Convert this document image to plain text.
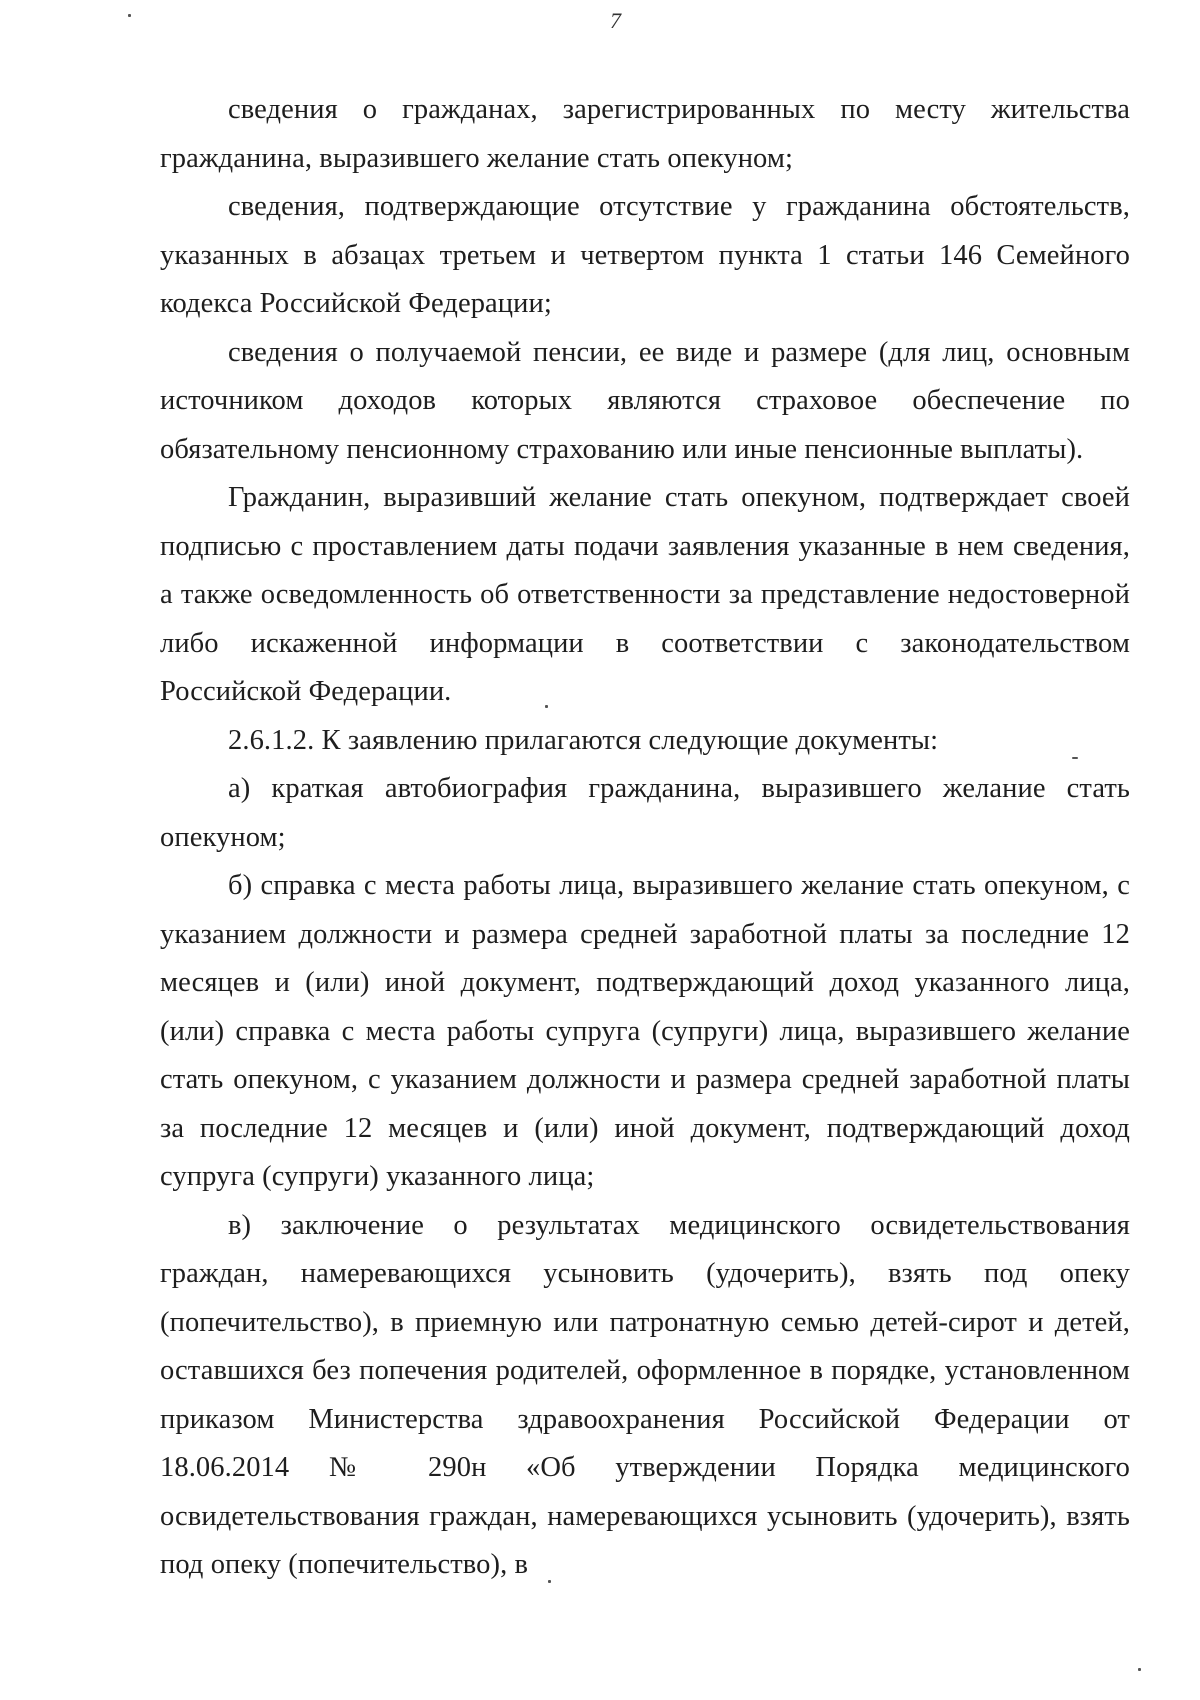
7

сведения о гражданах, зарегистрированных по месту жительства гражданина, выразившего желание стать опекуном;

сведения, подтверждающие отсутствие у гражданина обстоятельств, указанных в абзацах третьем и четвертом пункта 1 статьи 146 Семейного кодекса Российской Федерации;

сведения о получаемой пенсии, ее виде и размере (для лиц, основным источником доходов которых являются страховое обеспечение по обязательному пенсионному страхованию или иные пенсионные выплаты).

Гражданин, выразивший желание стать опекуном, подтверждает своей подписью с проставлением даты подачи заявления указанные в нем сведения, а также осведомленность об ответственности за представление недостоверной либо искаженной информации в соответствии с законодательством Российской Федерации.

2.6.1.2. К заявлению прилагаются следующие документы:

а) краткая автобиография гражданина, выразившего желание стать опекуном;

б) справка с места работы лица, выразившего желание стать опекуном, с указанием должности и размера средней заработной платы за последние 12 месяцев и (или) иной документ, подтверждающий доход указанного лица, (или) справка с места работы супруга (супруги) лица, выразившего желание стать опекуном, с указанием должности и размера средней заработной платы за последние 12 месяцев и (или) иной документ, подтверждающий доход супруга (супруги) указанного лица;

в) заключение о результатах медицинского освидетельствования граждан, намеревающихся усыновить (удочерить), взять под опеку (попечительство), в приемную или патронатную семью детей-сирот и детей, оставшихся без попечения родителей, оформленное в порядке, установленном приказом Министерства здравоохранения Российской Федерации от 18.06.2014 № 290н «Об утверждении Порядка медицинского освидетельствования граждан, намеревающихся усыновить (удочерить), взять под опеку (попечительство), в
